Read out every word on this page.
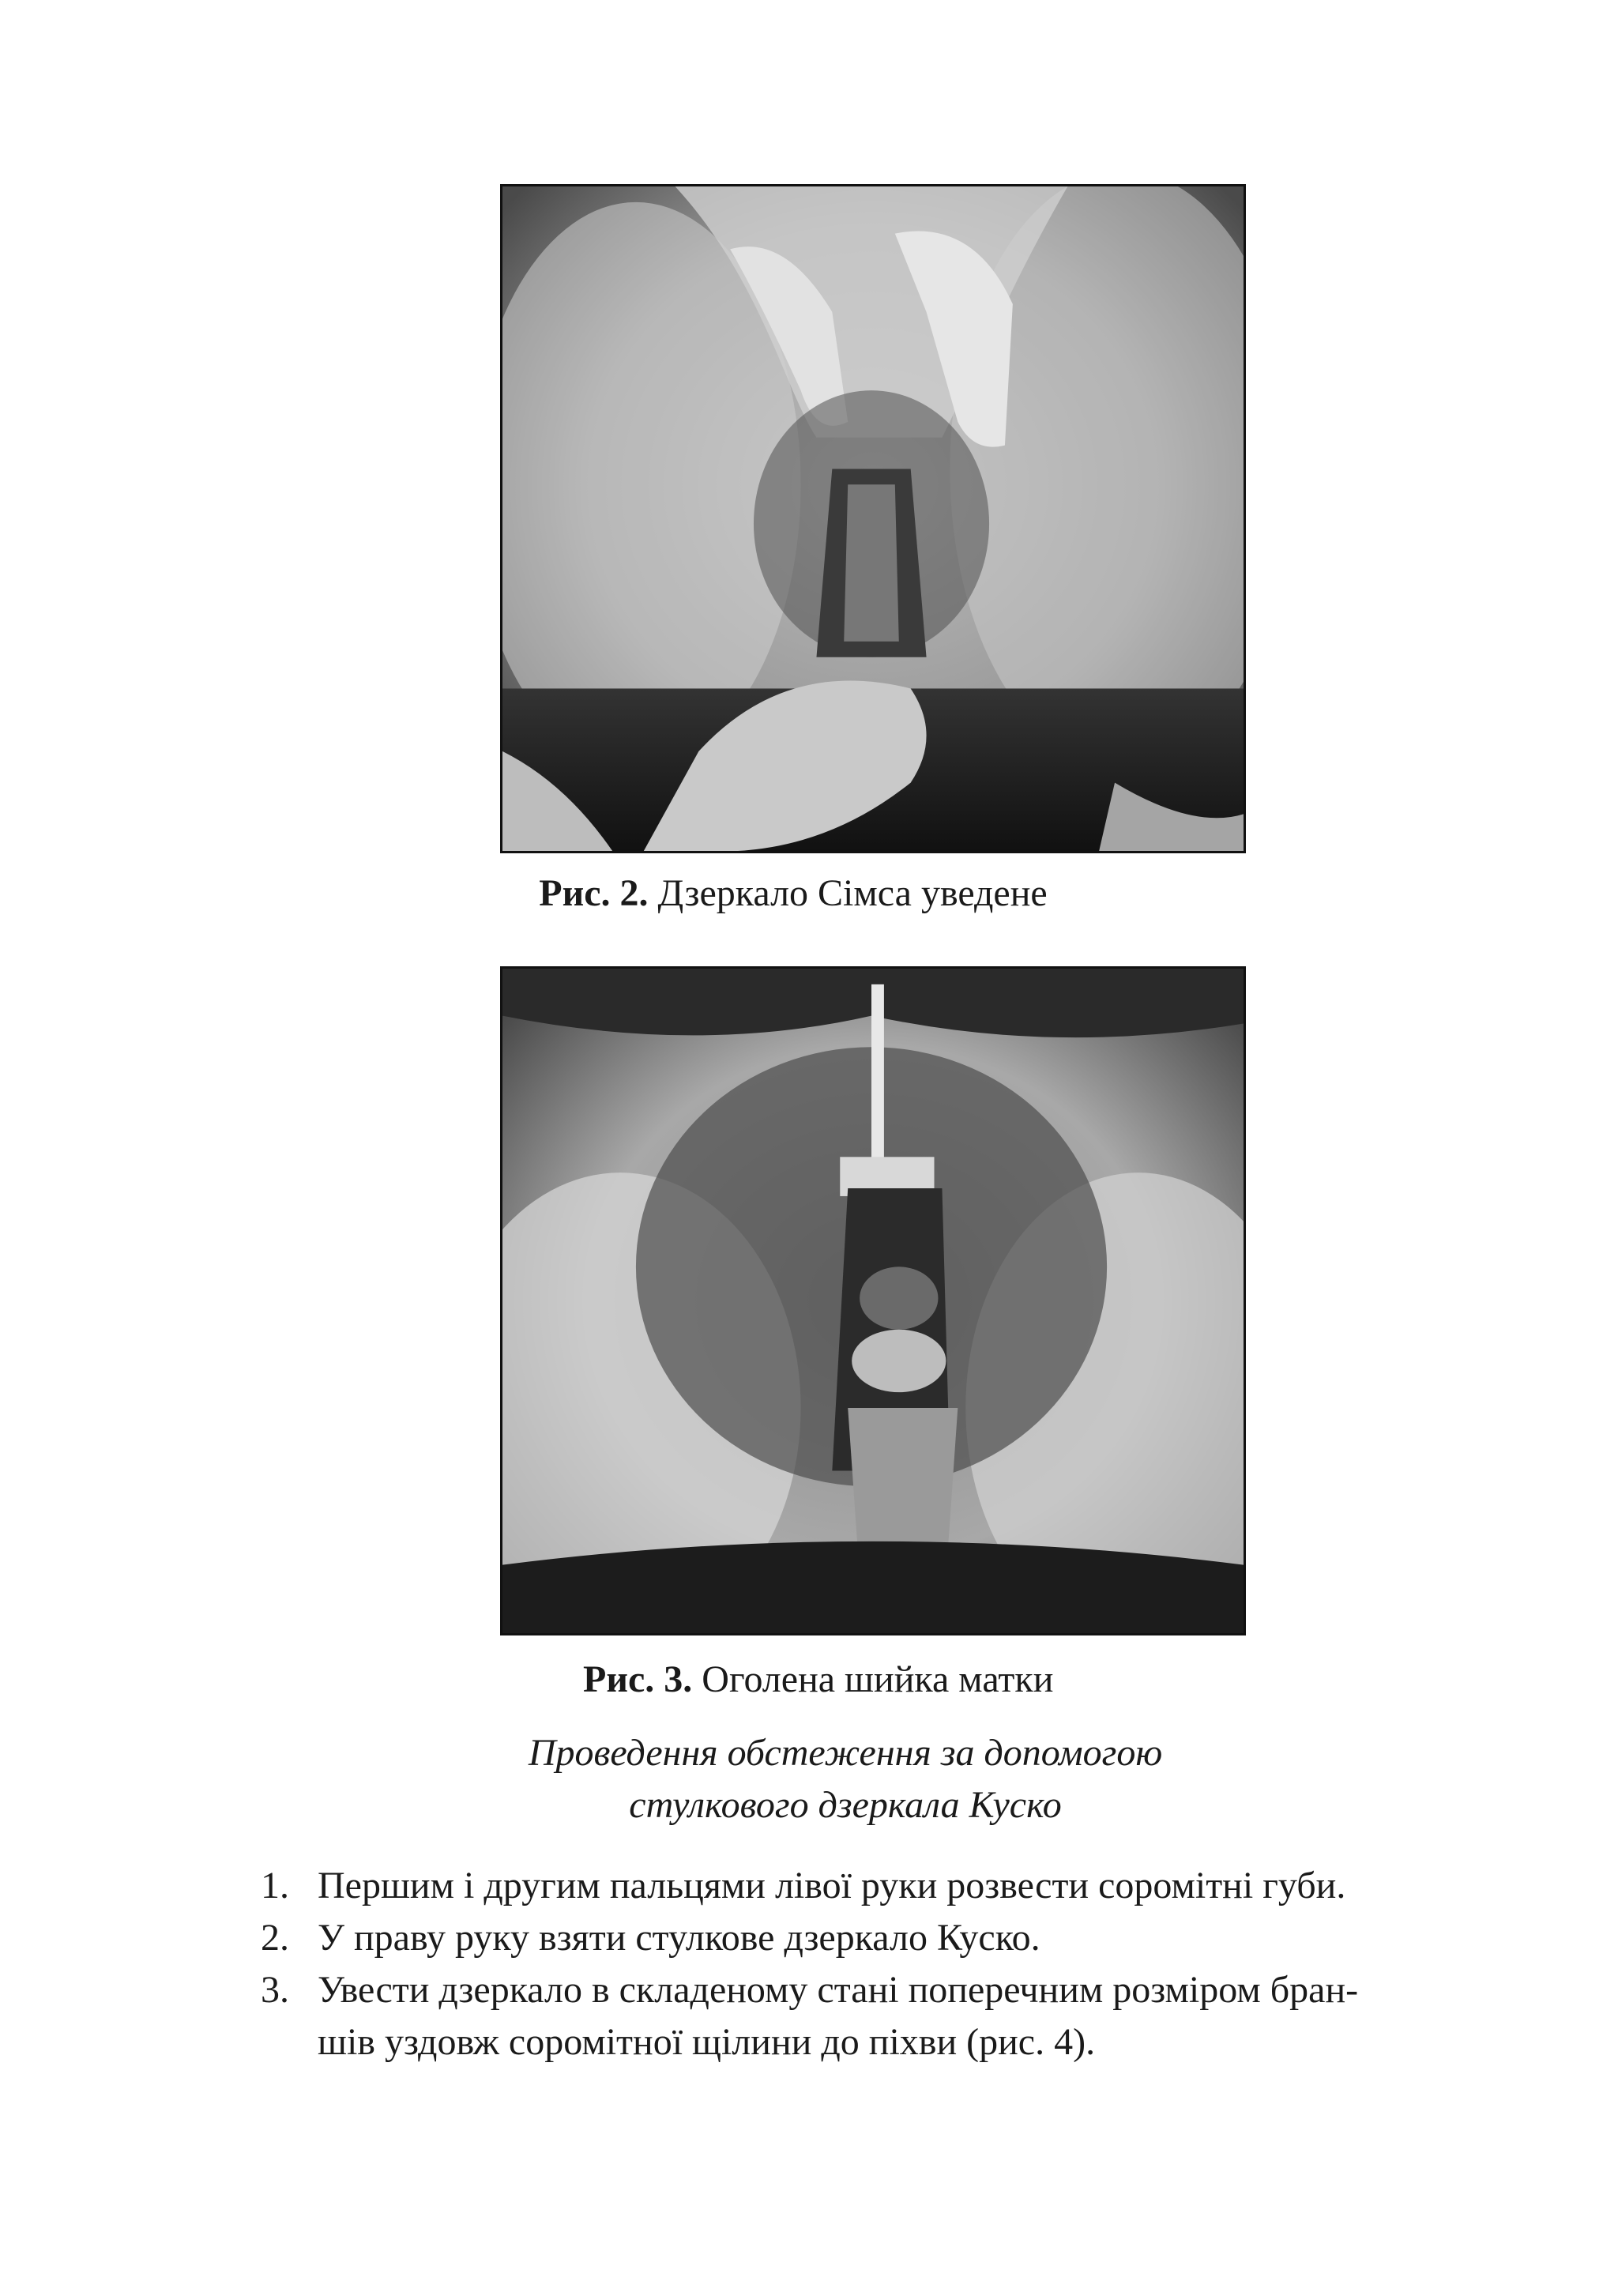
Рис. 2. Дзеркало Сімса уведене
Рис. 3. Оголена шийка матки
Проведення обстеження за допомогою
стулкового дзеркала Куско
1. Першим і другим пальцями лівої руки розвести соромітні губи.
2. У праву руку взяти стулкове дзеркало Куско.
3. Увести дзеркало в складеному стані поперечним розміром бран-
шів уздовж соромітної щілини до піхви (рис. 4).
